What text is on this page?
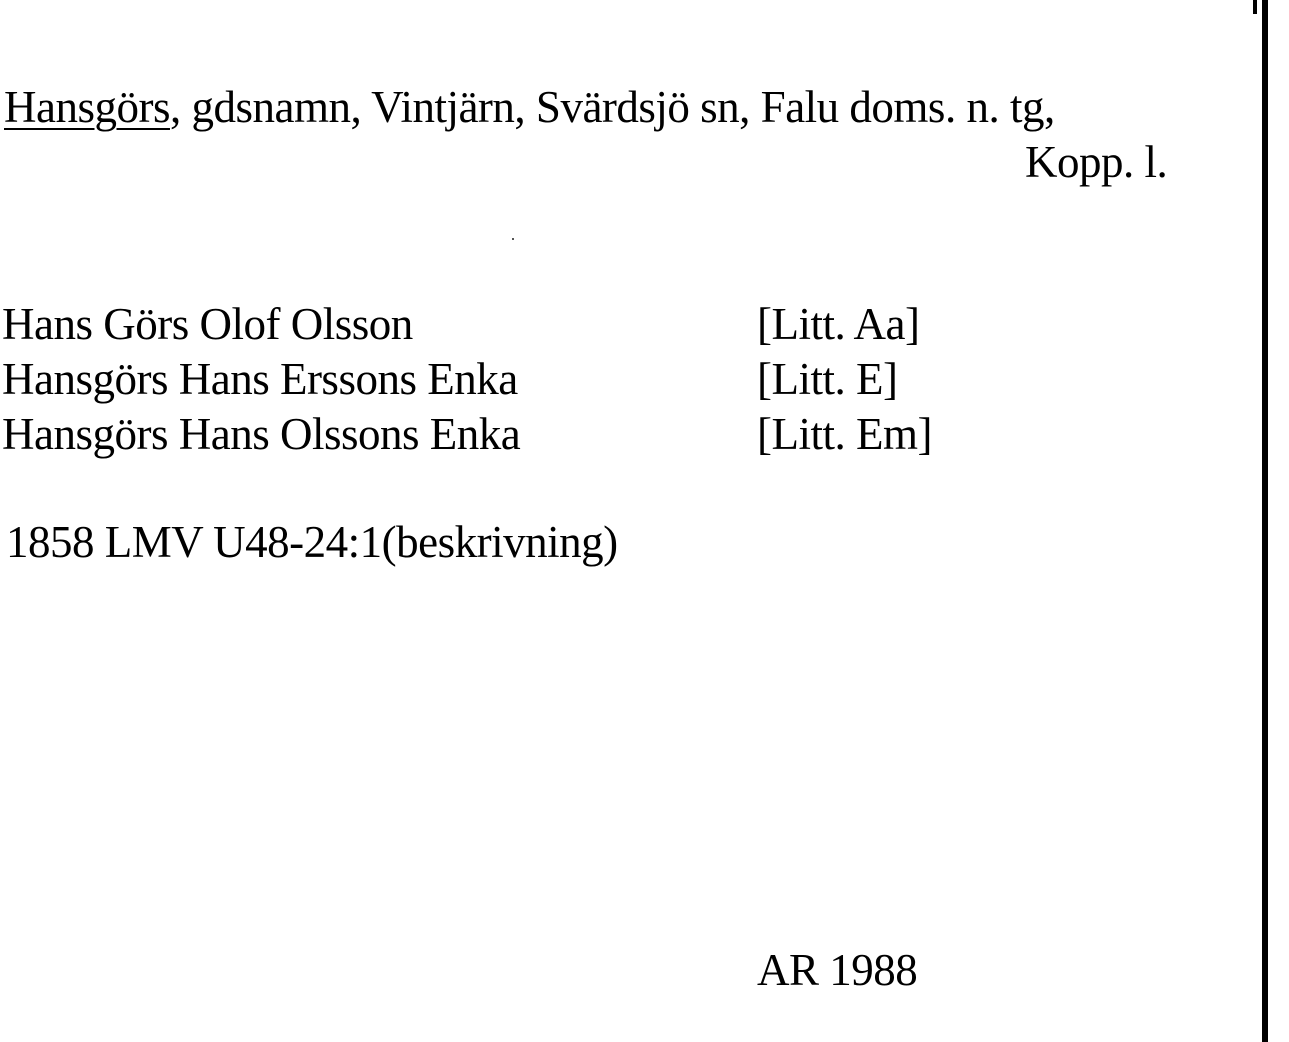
Hansgörs, gdsnamn, Vintjärn, Svärdsjö sn, Falu doms. n. tg,
Kopp. l.
Hans Görs Olof Olsson	[Litt. Aa]
Hansgörs Hans Erssons Enka	[Litt. E]
Hansgörs Hans Olssons Enka	[Litt. Em]
1858 LMV U48-24:1(beskrivning)
AR 1988
